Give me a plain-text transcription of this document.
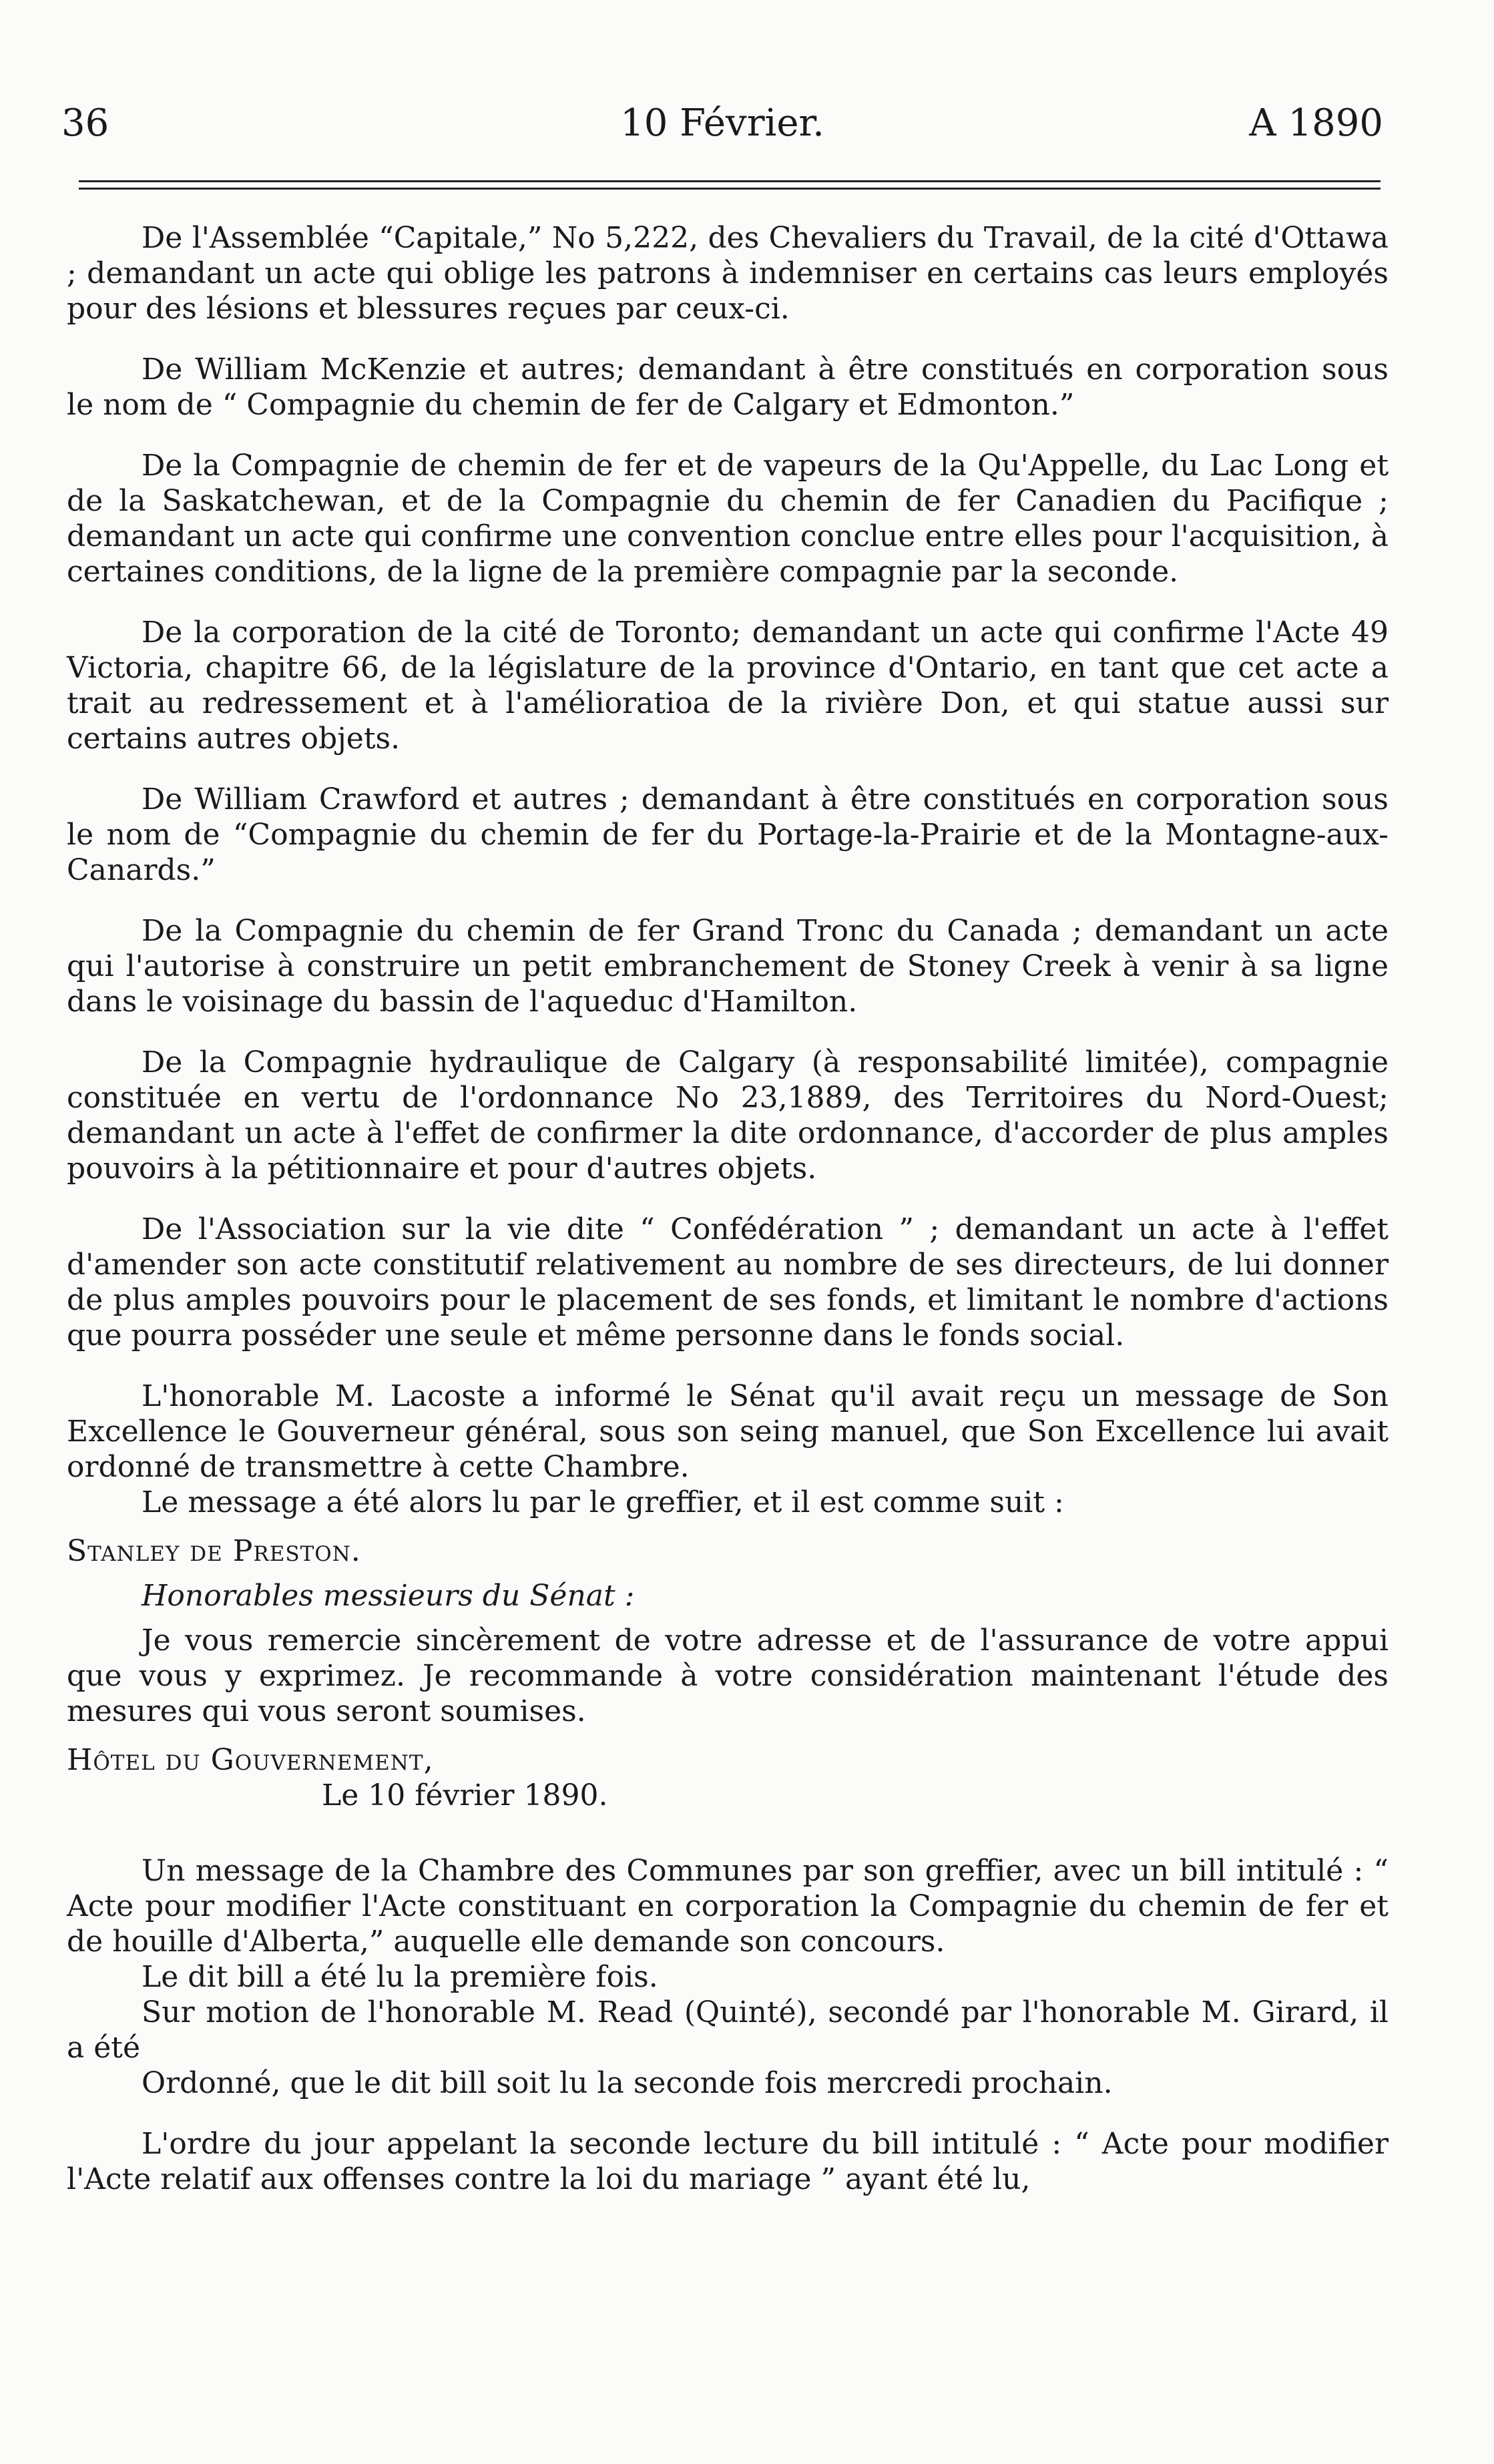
36	10 Février.	A 1890

De l'Assemblée “Capitale,” No 5,222, des Chevaliers du Travail, de la cité d'Ottawa ; demandant un acte qui oblige les patrons à indemniser en certains cas leurs employés pour des lésions et blessures reçues par ceux-ci.

De William McKenzie et autres; demandant à être constitués en corporation sous le nom de “ Compagnie du chemin de fer de Calgary et Edmonton.”

De la Compagnie de chemin de fer et de vapeurs de la Qu'Appelle, du Lac Long et de la Saskatchewan, et de la Compagnie du chemin de fer Canadien du Pacifique ; demandant un acte qui confirme une convention conclue entre elles pour l'acquisition, à certaines conditions, de la ligne de la première compagnie par la seconde.

De la corporation de la cité de Toronto; demandant un acte qui confirme l'Acte 49 Victoria, chapitre 66, de la législature de la province d'Ontario, en tant que cet acte a trait au redressement et à l'amélioratioa de la rivière Don, et qui statue aussi sur certains autres objets.

De William Crawford et autres ; demandant à être constitués en corporation sous le nom de “Compagnie du chemin de fer du Portage-la-Prairie et de la Montagne-aux-Canards.”

De la Compagnie du chemin de fer Grand Tronc du Canada ; demandant un acte qui l'autorise à construire un petit embranchement de Stoney Creek à venir à sa ligne dans le voisinage du bassin de l'aqueduc d'Hamilton.

De la Compagnie hydraulique de Calgary (à responsabilité limitée), compagnie constituée en vertu de l'ordonnance No 23,1889, des Territoires du Nord-Ouest; demandant un acte à l'effet de confirmer la dite ordonnance, d'accorder de plus amples pouvoirs à la pétitionnaire et pour d'autres objets.

De l'Association sur la vie dite “ Confédération ” ; demandant un acte à l'effet d'amender son acte constitutif relativement au nombre de ses directeurs, de lui donner de plus amples pouvoirs pour le placement de ses fonds, et limitant le nombre d'actions que pourra posséder une seule et même personne dans le fonds social.

L'honorable M. Lacoste a informé le Sénat qu'il avait reçu un message de Son Excellence le Gouverneur général, sous son seing manuel, que Son Excellence lui avait ordonné de transmettre à cette Chambre.

Le message a été alors lu par le greffier, et il est comme suit :

Stanley de Preston.

Honorables messieurs du Sénat :

Je vous remercie sincèrement de votre adresse et de l'assurance de votre appui que vous y exprimez. Je recommande à votre considération maintenant l'étude des mesures qui vous seront soumises.

Hôtel du Gouvernement,

Le 10 février 1890.

Un message de la Chambre des Communes par son greffier, avec un bill intitulé : “ Acte pour modifier l'Acte constituant en corporation la Compagnie du chemin de fer et de houille d'Alberta,” auquelle elle demande son concours.

Le dit bill a été lu la première fois.

Sur motion de l'honorable M. Read (Quinté), secondé par l'honorable M. Girard, il a été

Ordonné, que le dit bill soit lu la seconde fois mercredi prochain.

L'ordre du jour appelant la seconde lecture du bill intitulé : “ Acte pour modifier l'Acte relatif aux offenses contre la loi du mariage ” ayant été lu,
